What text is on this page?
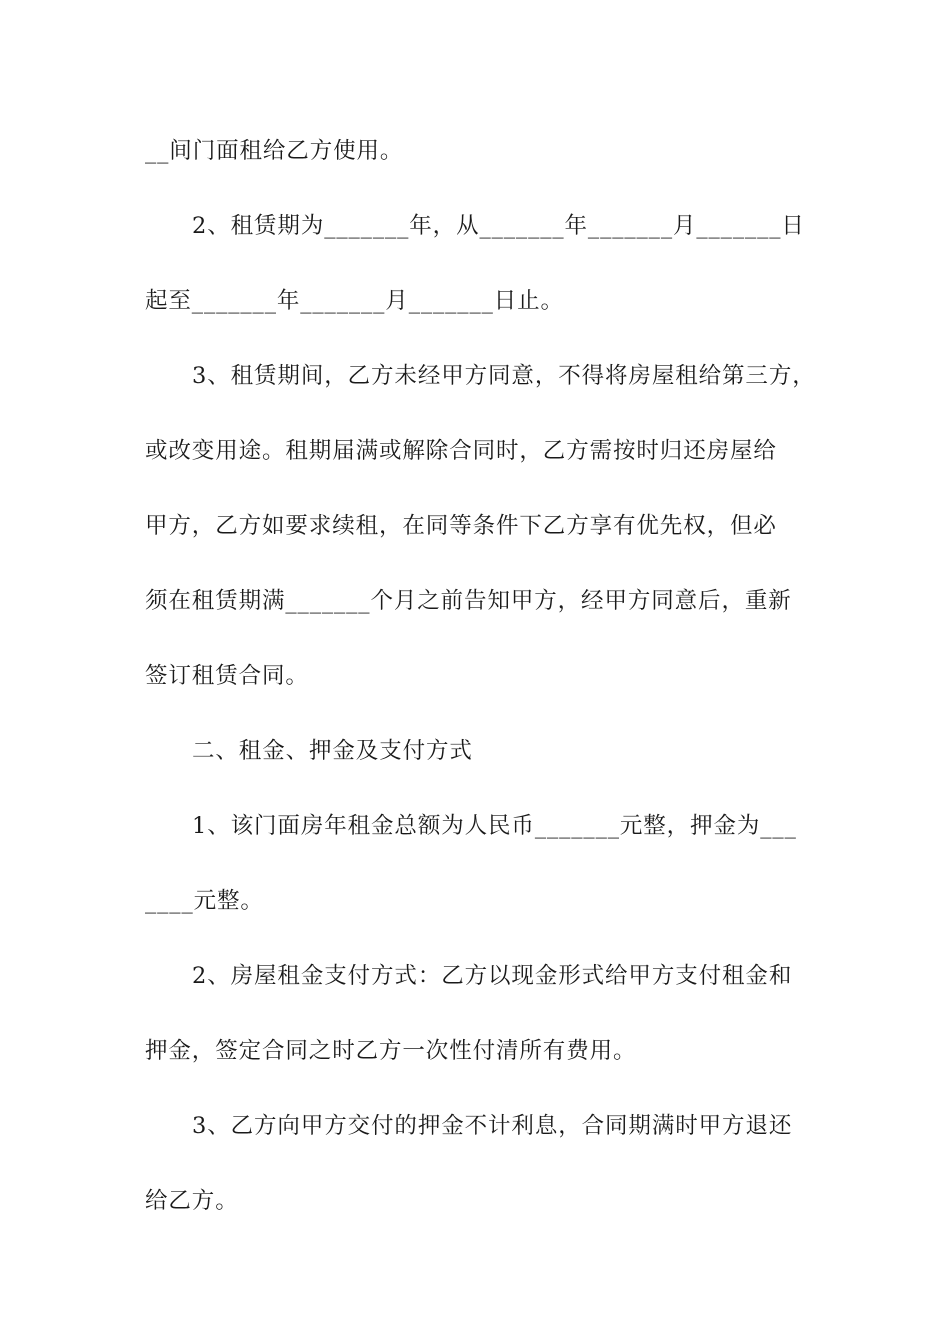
__间门面租给乙方使用。
2、租赁期为_______年，从_______年_______月_______日
起至_______年_______月_______日止。
3、租赁期间，乙方未经甲方同意，不得将房屋租给第三方，
或改变用途。租期届满或解除合同时，乙方需按时归还房屋给
甲方，乙方如要求续租，在同等条件下乙方享有优先权，但必
须在租赁期满_______个月之前告知甲方，经甲方同意后，重新
签订租赁合同。
二、租金、押金及支付方式
1、该门面房年租金总额为人民币_______元整，押金为___
____元整。
2、房屋租金支付方式：乙方以现金形式给甲方支付租金和
押金，签定合同之时乙方一次性付清所有费用。
3、乙方向甲方交付的押金不计利息，合同期满时甲方退还
给乙方。
